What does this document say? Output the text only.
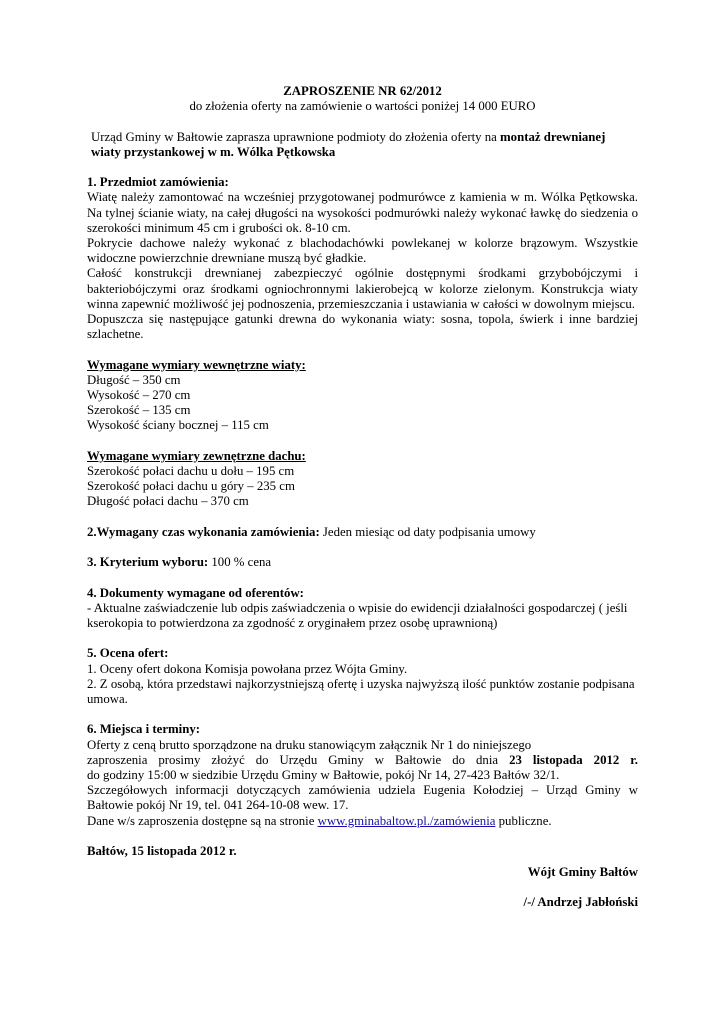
ZAPROSZENIE NR 62/2012

do złożenia oferty na zamówienie o wartości poniżej 14 000 EURO

Urząd Gminy w Bałtowie zaprasza uprawnione podmioty do złożenia oferty na montaż drewnianej wiaty przystankowej w m. Wólka Pętkowska

1. Przedmiot zamówienia:

Wiatę należy zamontować na wcześniej przygotowanej podmurówce z kamienia w m. Wólka Pętkowska. Na tylnej ścianie wiaty, na całej długości na wysokości podmurówki należy wykonać ławkę do siedzenia o szerokości minimum 45 cm i grubości ok. 8-10 cm.

Pokrycie dachowe należy wykonać z blachodachówki powlekanej w kolorze brązowym. Wszystkie widoczne powierzchnie drewniane muszą być gładkie.

Całość konstrukcji drewnianej zabezpieczyć ogólnie dostępnymi środkami grzybobójczymi i bakteriobójczymi oraz środkami ogniochronnymi lakierobejcą w kolorze zielonym. Konstrukcja wiaty winna zapewnić możliwość jej podnoszenia, przemieszczania i ustawiania w całości w dowolnym miejscu.

Dopuszcza się następujące gatunki drewna do wykonania wiaty: sosna, topola, świerk i inne bardziej szlachetne.

Wymagane wymiary wewnętrzne wiaty:

Długość – 350 cm

Wysokość – 270 cm

Szerokość – 135 cm

Wysokość ściany bocznej – 115 cm

Wymagane wymiary zewnętrzne dachu:

Szerokość połaci dachu u dołu – 195 cm

Szerokość połaci dachu u góry – 235 cm

Długość połaci dachu – 370 cm

2.Wymagany czas wykonania zamówienia: Jeden miesiąc od daty podpisania umowy

3. Kryterium wyboru: 100 % cena

4. Dokumenty wymagane od oferentów:

- Aktualne zaświadczenie lub odpis zaświadczenia o wpisie do ewidencji działalności gospodarczej ( jeśli kserokopia to potwierdzona za zgodność z oryginałem przez osobę uprawnioną)

5. Ocena ofert:

1. Oceny ofert dokona Komisja powołana przez Wójta Gminy.

2. Z osobą, która przedstawi najkorzystniejszą ofertę i uzyska najwyższą ilość punktów zostanie podpisana umowa.

6. Miejsca i terminy:

Oferty z ceną brutto sporządzone na druku stanowiącym załącznik Nr 1 do niniejszego

zaproszenia prosimy złożyć do Urzędu Gminy w Bałtowie do dnia 23 listopada 2012 r.

do godziny 15:00 w siedzibie Urzędu Gminy w Bałtowie, pokój Nr 14, 27-423 Bałtów 32/1.

Szczegółowych informacji dotyczących zamówienia udziela Eugenia Kołodziej – Urząd Gminy w Bałtowie pokój Nr 19, tel. 041 264-10-08 wew. 17.

Dane w/s zaproszenia dostępne są na stronie www.gminabaltow.pl./zamówienia publiczne.

Bałtów, 15 listopada 2012 r.

Wójt Gminy Bałtów

/-/ Andrzej Jabłoński
